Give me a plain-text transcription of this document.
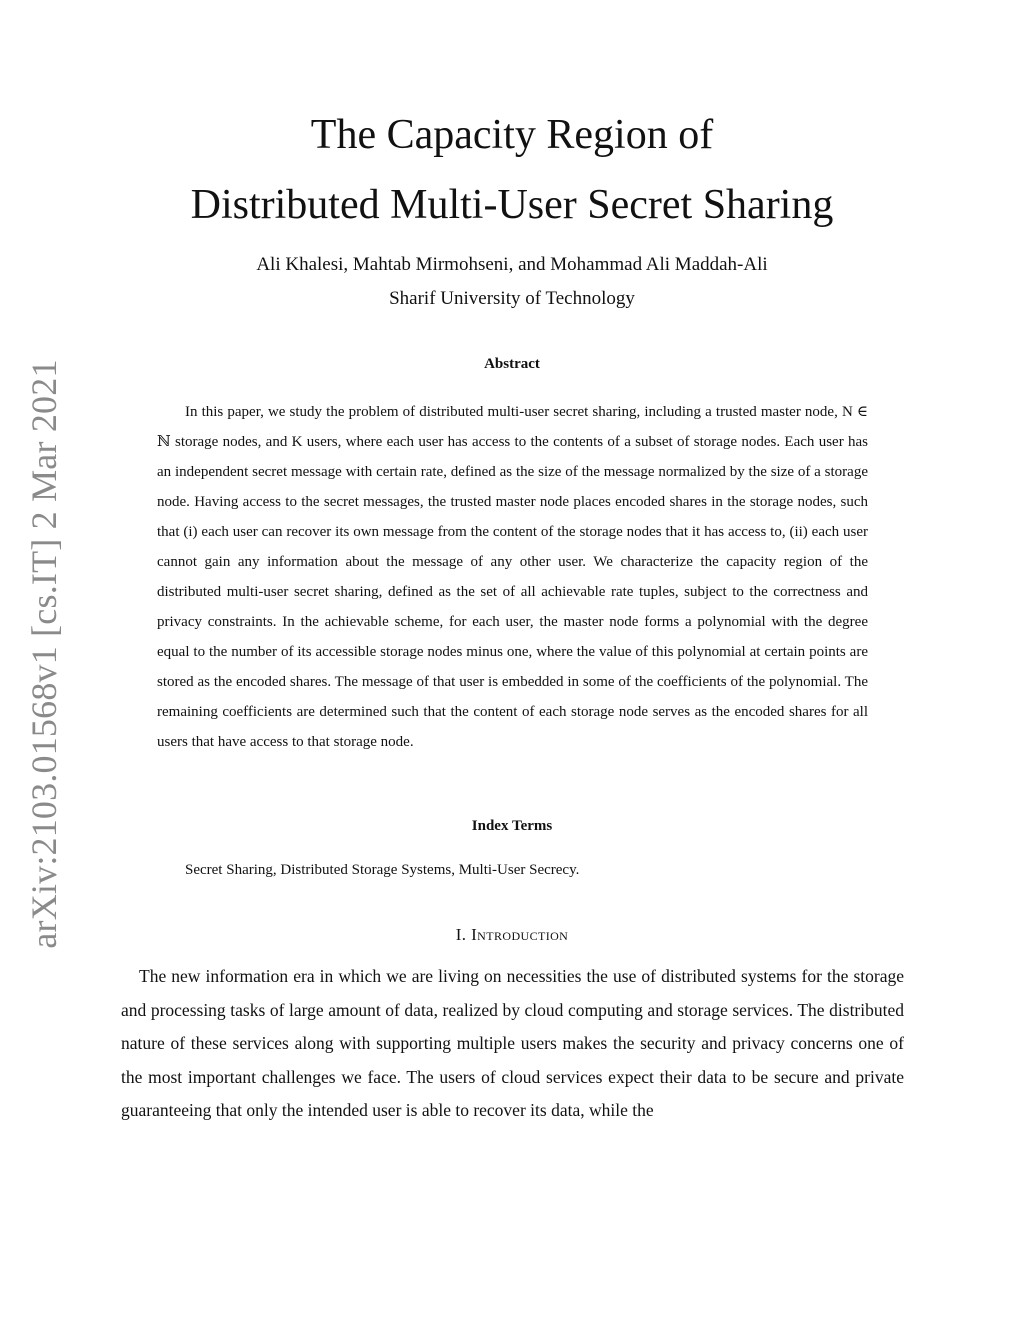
arXiv:2103.01568v1 [cs.IT] 2 Mar 2021
The Capacity Region of
Distributed Multi-User Secret Sharing
Ali Khalesi, Mahtab Mirmohseni, and Mohammad Ali Maddah-Ali
Sharif University of Technology
Abstract

In this paper, we study the problem of distributed multi-user secret sharing, including a trusted master node, N ∈ ℕ storage nodes, and K users, where each user has access to the contents of a subset of storage nodes. Each user has an independent secret message with certain rate, defined as the size of the message normalized by the size of a storage node. Having access to the secret messages, the trusted master node places encoded shares in the storage nodes, such that (i) each user can recover its own message from the content of the storage nodes that it has access to, (ii) each user cannot gain any information about the message of any other user. We characterize the capacity region of the distributed multi-user secret sharing, defined as the set of all achievable rate tuples, subject to the correctness and privacy constraints. In the achievable scheme, for each user, the master node forms a polynomial with the degree equal to the number of its accessible storage nodes minus one, where the value of this polynomial at certain points are stored as the encoded shares. The message of that user is embedded in some of the coefficients of the polynomial. The remaining coefficients are determined such that the content of each storage node serves as the encoded shares for all users that have access to that storage node.

Index Terms

Secret Sharing, Distributed Storage Systems, Multi-User Secrecy.

I. Introduction

The new information era in which we are living on necessities the use of distributed systems for the storage and processing tasks of large amount of data, realized by cloud computing and storage services. The distributed nature of these services along with supporting multiple users makes the security and privacy concerns one of the most important challenges we face. The users of cloud services expect their data to be secure and private guaranteeing that only the intended user is able to recover its data, while the
